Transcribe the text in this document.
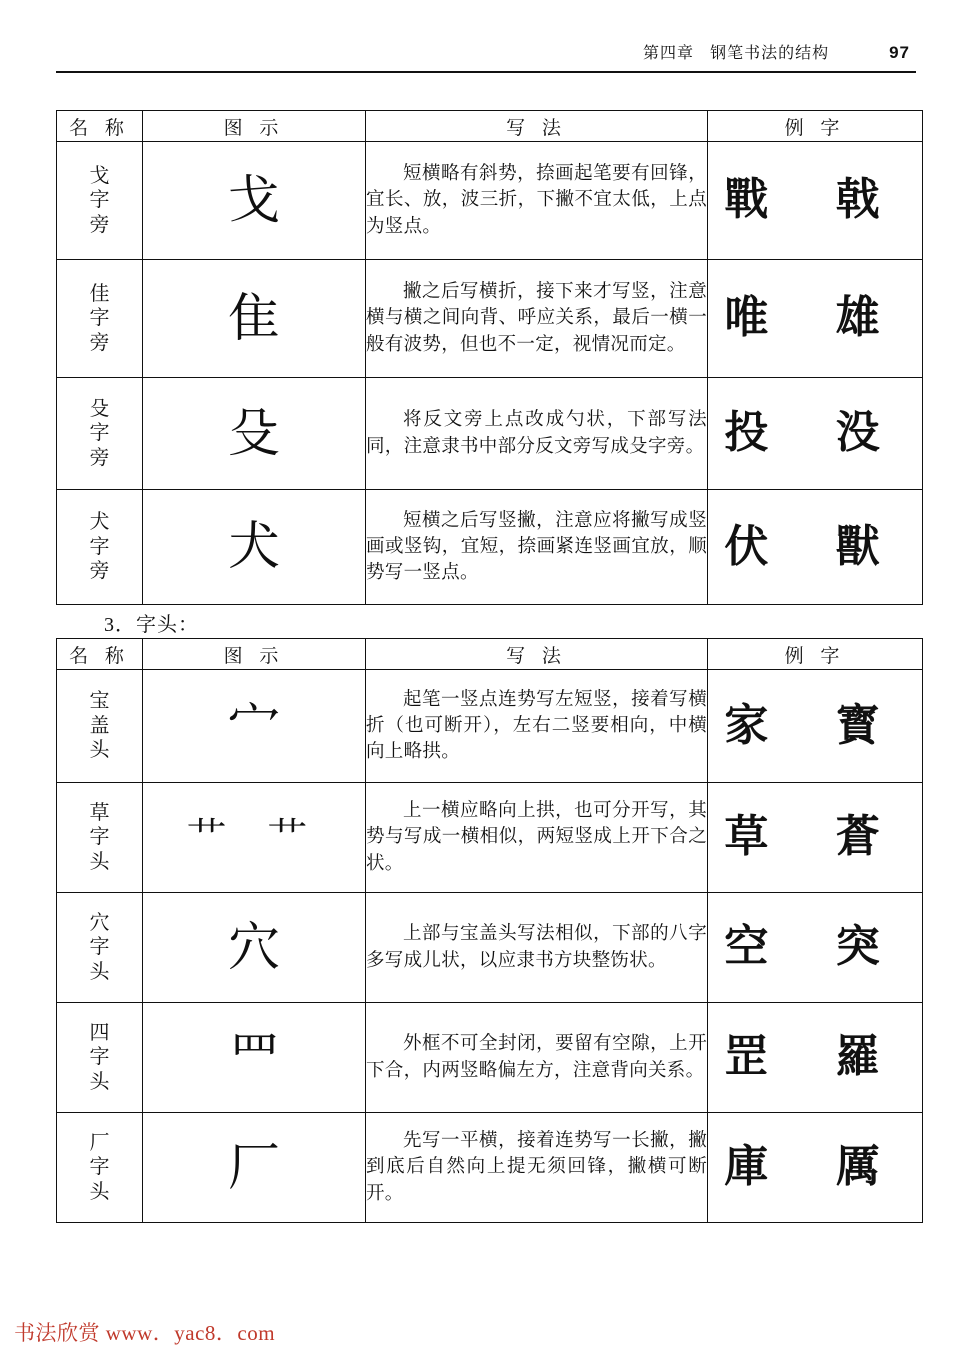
第四章 钢笔书法的结构	97
名 称	图 示	写 法	例 字

戈
字
旁	戈	短横略有斜势，捺画起笔要有回锋，宜长、放，波三折，下撇不宜太低，上点为竖点。	戰 戟

佳
字
旁	隹	撇之后写横折，接下来才写竖，注意横与横之间向背、呼应关系，最后一横一般有波势，但也不一定，视情况而定。	唯 雄

殳
字
旁	殳	将反文旁上点改成勺状，下部写法同，注意隶书中部分反文旁写成殳字旁。	投 没

犬
字
旁	犬	短横之后写竖撇，注意应将撇写成竖画或竖钩，宜短，捺画紧连竖画宜放，顺势写一竖点。	伏 獸
3．字头：
名 称	图 示	写 法	例 字

宝
盖
头	宀	起笔一竖点连势写左短竖，接着写横折（也可断开），左右二竖要相向，中横向上略拱。	家 寳

草
字
头	艹 艹	上一横应略向上拱，也可分开写，其势与写成一横相似，两短竖成上开下合之状。	草 蒼

穴
字
头	穴	上部与宝盖头写法相似，下部的八字多写成儿状，以应隶书方块整饬状。	空 突

四
字
头	罒	外框不可全封闭，要留有空隙，上开下合，内两竖略偏左方，注意背向关系。	罡 羅

厂
字
头	厂	先写一平横，接着连势写一长撇，撇到底后自然向上提无须回锋，撇横可断开。	庫 厲
书法欣赏 www．yac8．com
